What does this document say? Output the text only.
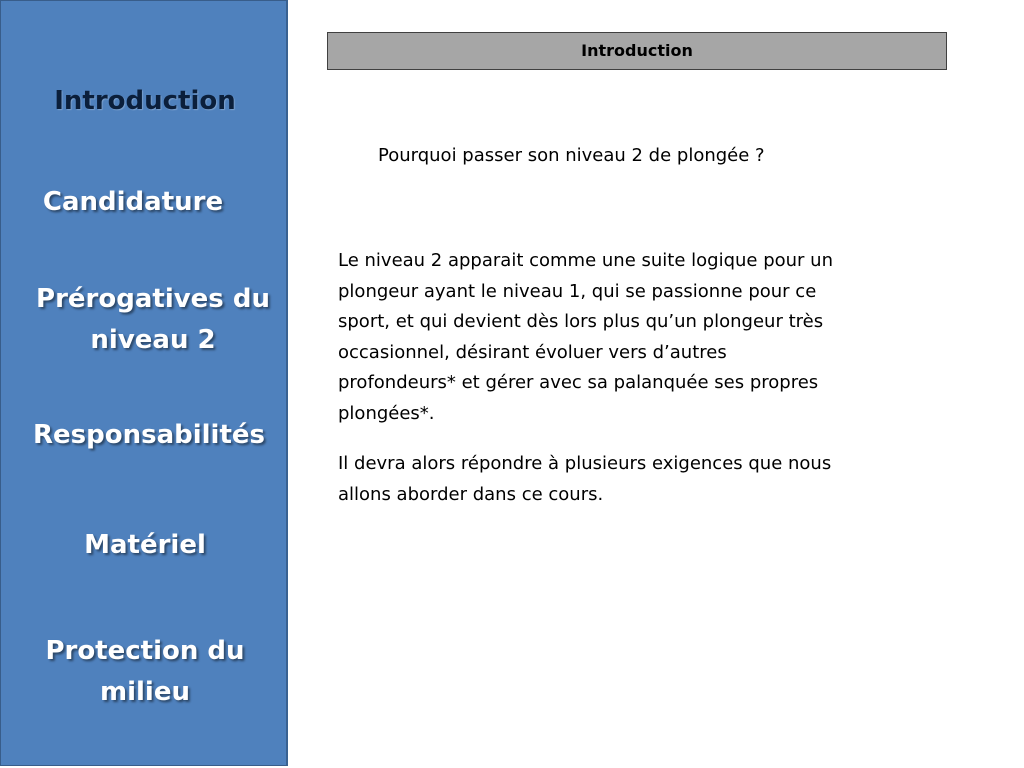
Introduction
Candidature
Prérogatives du
niveau 2
Responsabilités
Matériel
Protection du
milieu
Introduction
Pourquoi passer son niveau 2 de plongée ?

Le niveau 2 apparait comme une suite logique pour un
plongeur ayant le niveau 1, qui se passionne pour ce
sport, et qui devient dès lors plus qu’un plongeur très
occasionnel, désirant évoluer vers d’autres
profondeurs* et gérer avec sa palanquée ses propres
plongées*.

Il devra alors répondre à plusieurs exigences que nous
allons aborder dans ce cours.
